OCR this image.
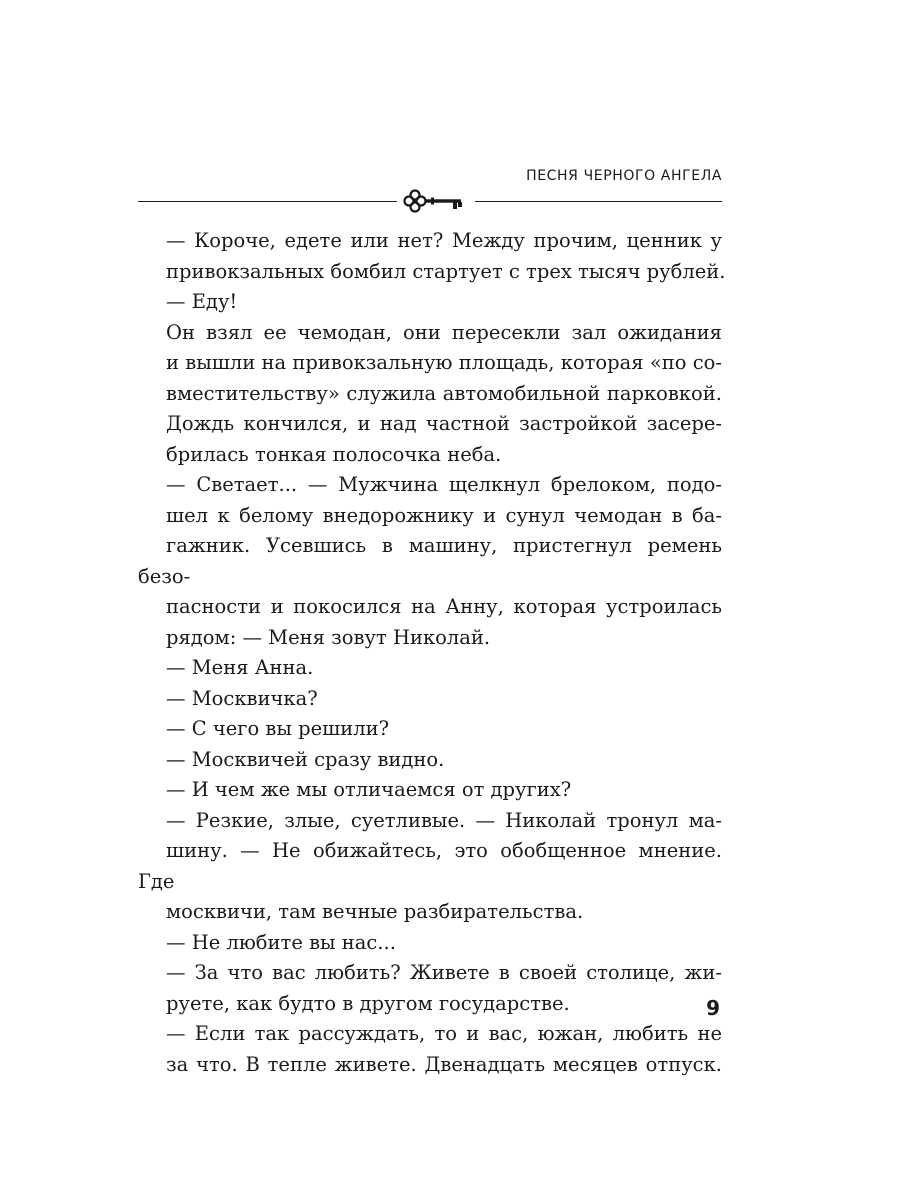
ПЕСНЯ ЧЕРНОГО АНГЕЛА

— Короче, едете или нет? Между прочим, ценник у
привокзальных бомбил стартует с трех тысяч рублей.

— Еду!

Он взял ее чемодан, они пересекли зал ожидания
и вышли на привокзальную площадь, которая «по со-
вместительству» служила автомобильной парковкой.
Дождь кончился, и над частной застройкой засере-
брилась тонкая полосочка неба.

— Светает... — Мужчина щелкнул брелоком, подо-
шел к белому внедорожнику и сунул чемодан в ба-
гажник. Усевшись в машину, пристегнул ремень безо-
пасности и покосился на Анну, которая устроилась
рядом: — Меня зовут Николай.

— Меня Анна.

— Москвичка?

— С чего вы решили?

— Москвичей сразу видно.

— И чем же мы отличаемся от других?

— Резкие, злые, суетливые. — Николай тронул ма-
шину. — Не обижайтесь, это обобщенное мнение. Где
москвичи, там вечные разбирательства.

— Не любите вы нас...

— За что вас любить? Живете в своей столице, жи-
руете, как будто в другом государстве.

— Если так рассуждать, то и вас, южан, любить не
за что. В тепле живете. Двенадцать месяцев отпуск.

9
